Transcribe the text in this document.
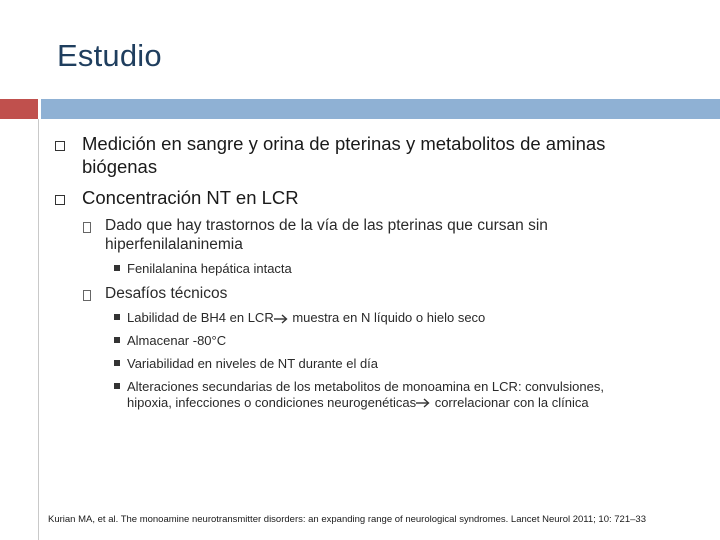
Estudio
Medición en sangre y orina de pterinas y metabolitos de aminas
biógenas
Concentración NT en LCR
Dado que hay trastornos de la vía de las pterinas que cursan sin
hiperfenilalaninemia
Fenilalanina hepática intacta
Desafíos técnicos
Labilidad de BH4 en LCR muestra en N líquido o hielo seco
Almacenar -80°C
Variabilidad en niveles de NT durante el día
Alteraciones secundarias de los metabolitos de monoamina en LCR: convulsiones,
hipoxia, infecciones o condiciones neurogenéticas correlacionar con la clínica
Kurian MA, et al. The monoamine neurotransmitter disorders: an expanding range of neurological syndromes. Lancet Neurol 2011; 10: 721–33
